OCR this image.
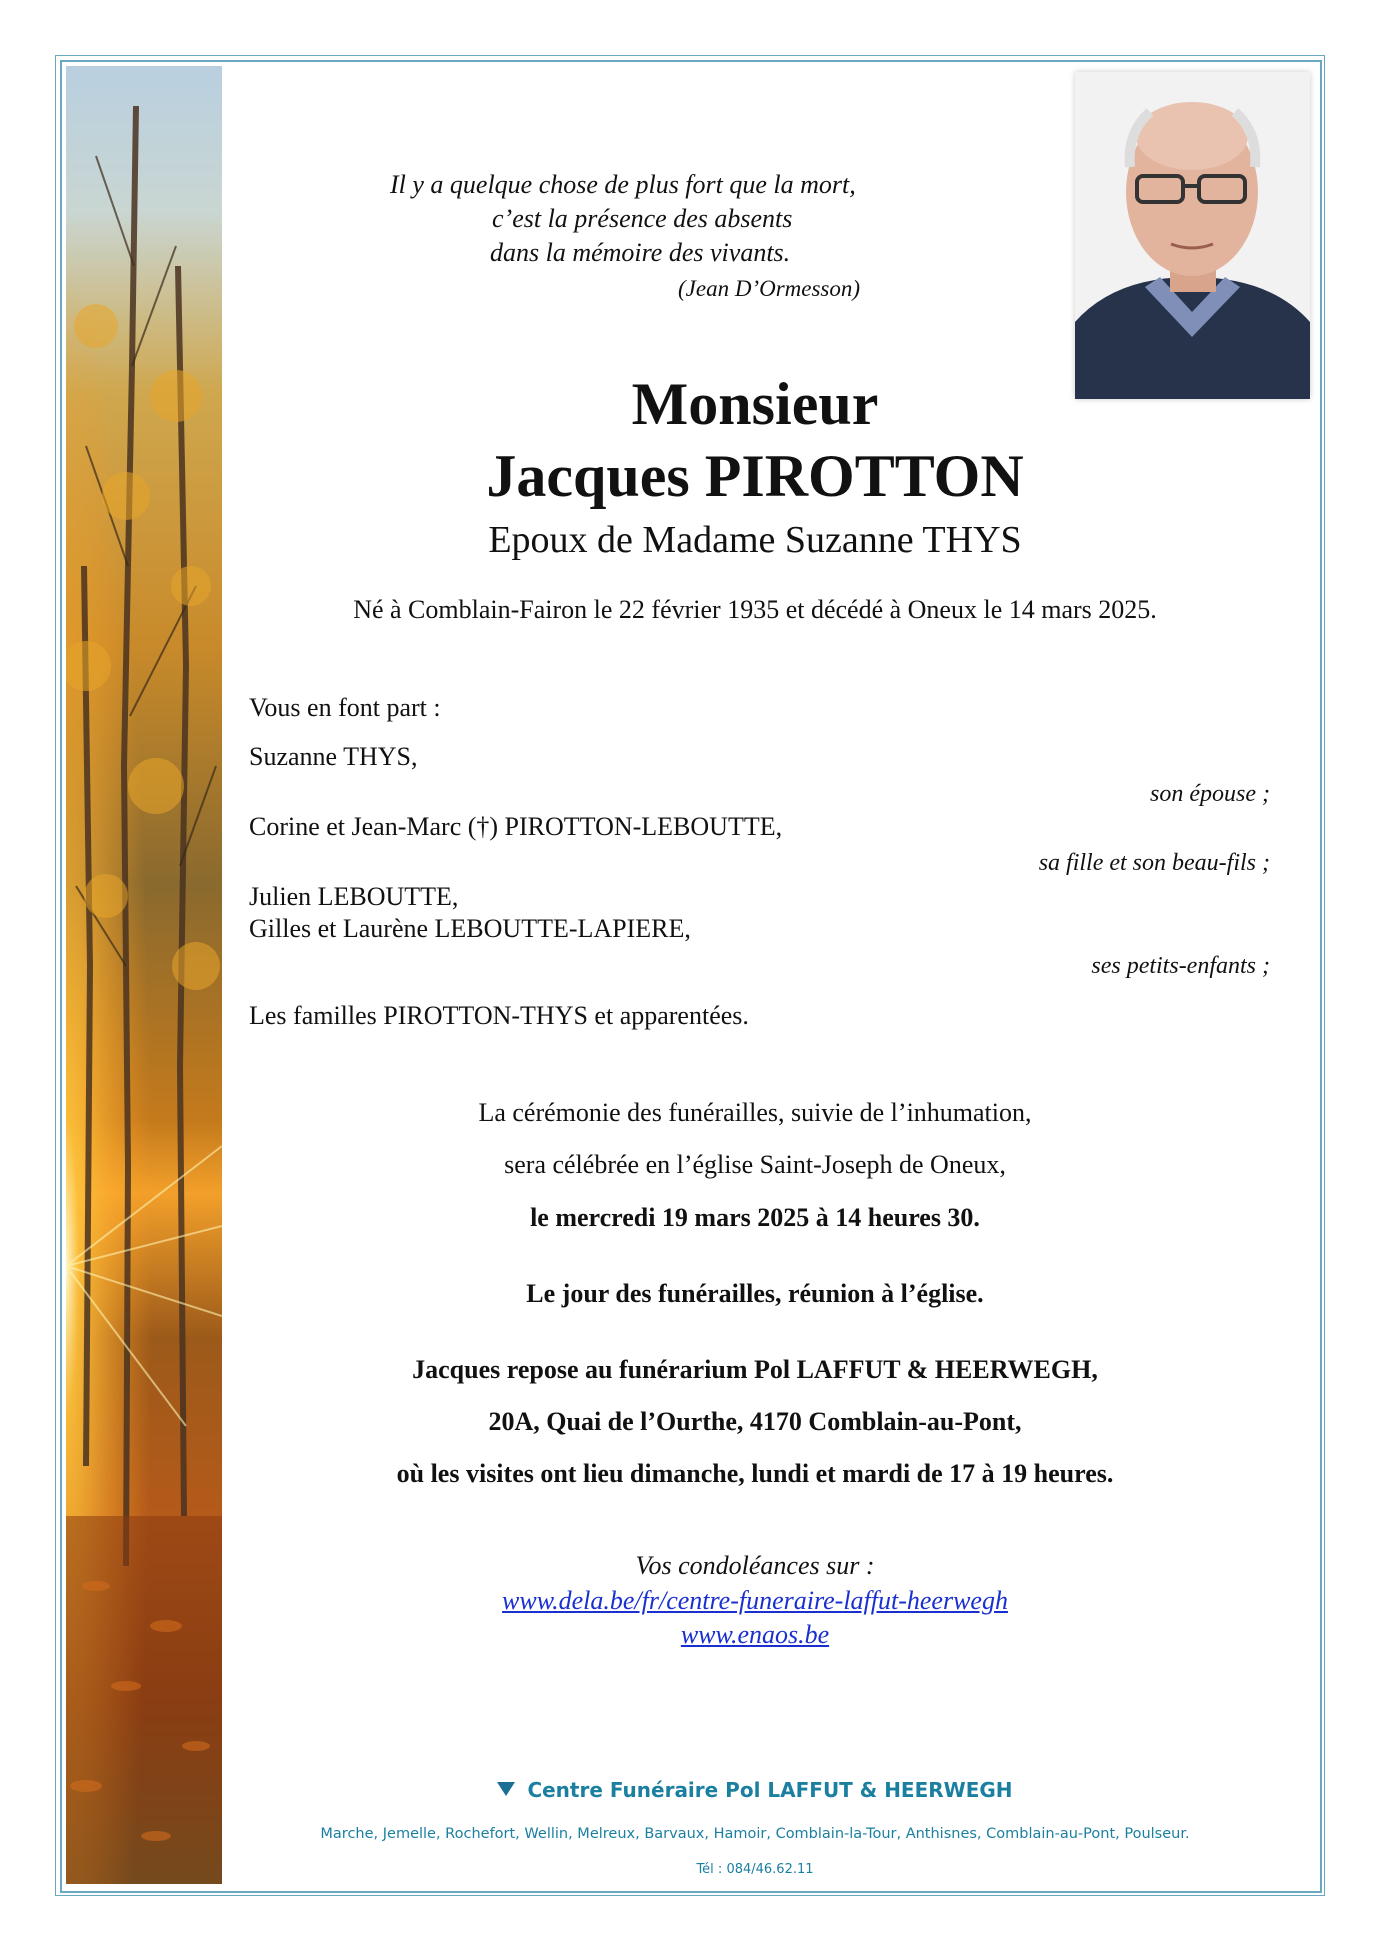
Il y a quelque chose de plus fort que la mort,
c’est la présence des absents
dans la mémoire des vivants.
(Jean D’Ormesson)
Monsieur
Jacques PIROTTON
Epoux de Madame Suzanne THYS
Né à Comblain-Fairon le 22 février 1935 et décédé à Oneux le 14 mars 2025.
Vous en font part :
Suzanne THYS,
son épouse ;
Corine et Jean-Marc (†) PIROTTON-LEBOUTTE,
sa fille et son beau-fils ;
Julien LEBOUTTE,
Gilles et Laurène LEBOUTTE-LAPIERE,
ses petits-enfants ;
Les familles PIROTTON-THYS et apparentées.
La cérémonie des funérailles, suivie de l’inhumation,
sera célébrée en l’église Saint-Joseph de Oneux,
le mercredi 19 mars 2025 à 14 heures 30.
Le jour des funérailles, réunion à l’église.
Jacques repose au funérarium Pol LAFFUT & HEERWEGH,
20A, Quai de l’Ourthe, 4170 Comblain-au-Pont,
où les visites ont lieu dimanche, lundi et mardi de 17 à 19 heures.
Vos condoléances sur :
www.dela.be/fr/centre-funeraire-laffut-heerwegh
www.enaos.be
Centre Funéraire Pol LAFFUT & HEERWEGH
Marche, Jemelle, Rochefort, Wellin, Melreux, Barvaux, Hamoir, Comblain-la-Tour, Anthisnes, Comblain-au-Pont, Poulseur.
Tél : 084/46.62.11
